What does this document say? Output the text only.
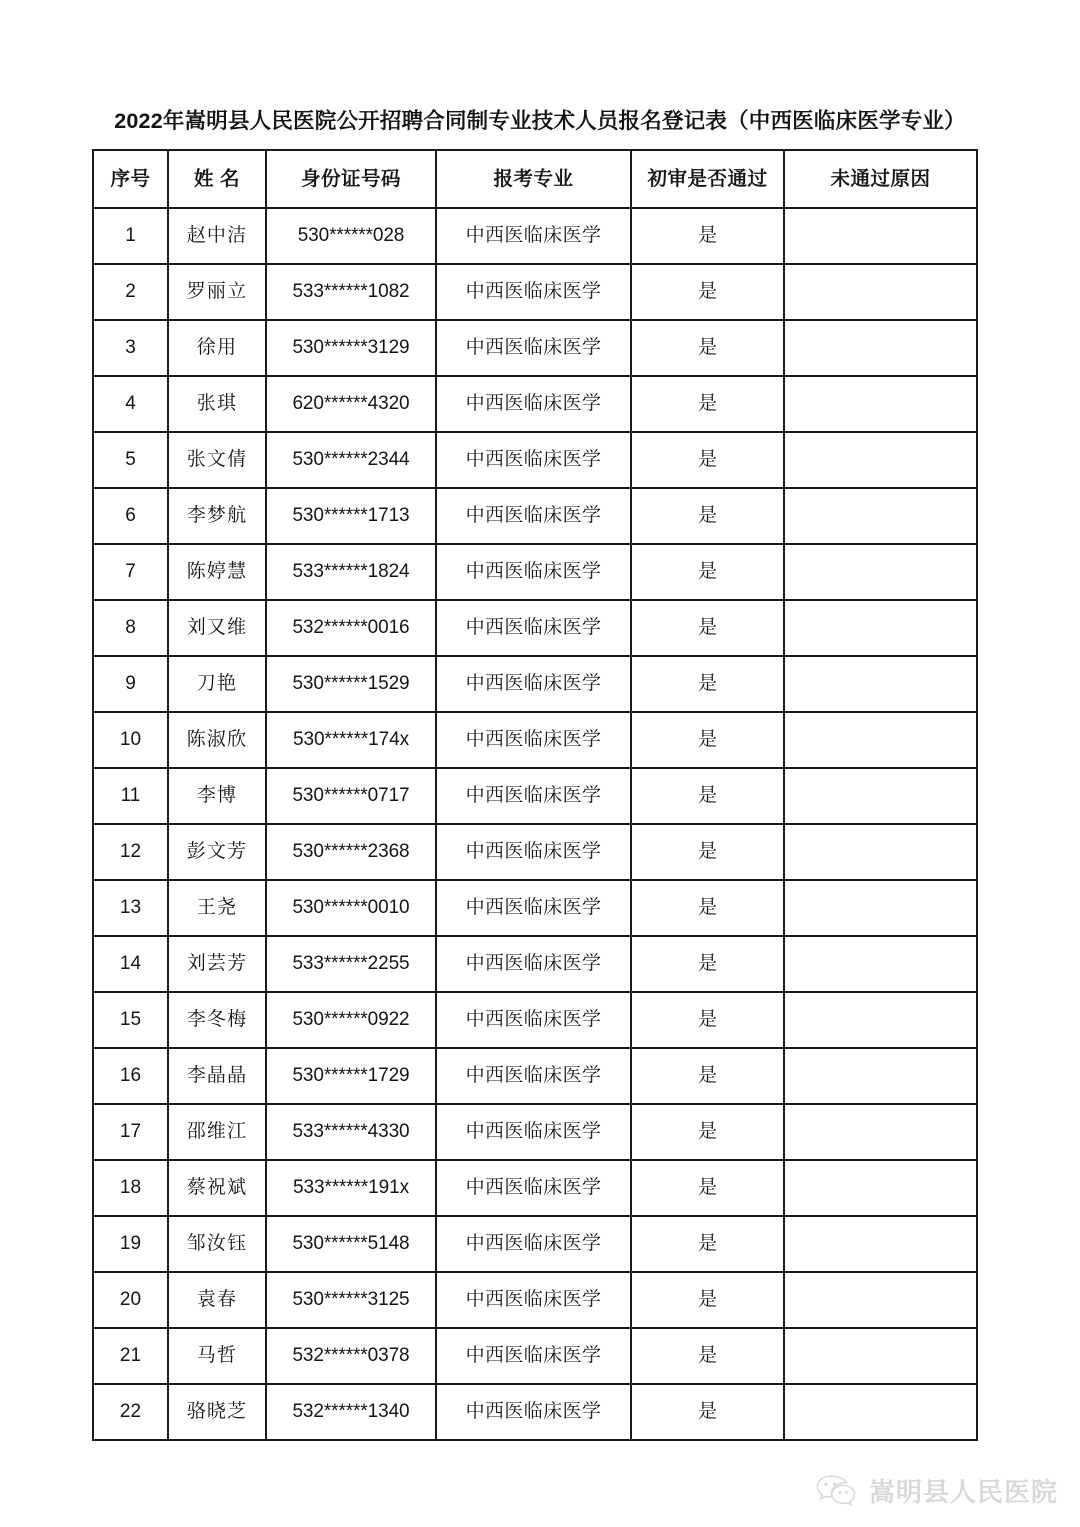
2022年嵩明县人民医院公开招聘合同制专业技术人员报名登记表（中西医临床医学专业）
序号	姓 名	身份证号码	报考专业	初审是否通过	未通过原因
1	赵中洁	530******028	中西医临床医学	是	
2	罗丽立	533******1082	中西医临床医学	是	
3	徐用	530******3129	中西医临床医学	是	
4	张琪	620******4320	中西医临床医学	是	
5	张文倩	530******2344	中西医临床医学	是	
6	李梦航	530******1713	中西医临床医学	是	
7	陈婷慧	533******1824	中西医临床医学	是	
8	刘又维	532******0016	中西医临床医学	是	
9	刀艳	530******1529	中西医临床医学	是	
10	陈淑欣	530******174x	中西医临床医学	是	
11	李博	530******0717	中西医临床医学	是	
12	彭文芳	530******2368	中西医临床医学	是	
13	王尧	530******0010	中西医临床医学	是	
14	刘芸芳	533******2255	中西医临床医学	是	
15	李冬梅	530******0922	中西医临床医学	是	
16	李晶晶	530******1729	中西医临床医学	是	
17	邵维江	533******4330	中西医临床医学	是	
18	蔡祝斌	533******191x	中西医临床医学	是	
19	邹汝钰	530******5148	中西医临床医学	是	
20	袁春	530******3125	中西医临床医学	是	
21	马哲	532******0378	中西医临床医学	是	
22	骆晓芝	532******1340	中西医临床医学	是	
嵩明县人民医院
